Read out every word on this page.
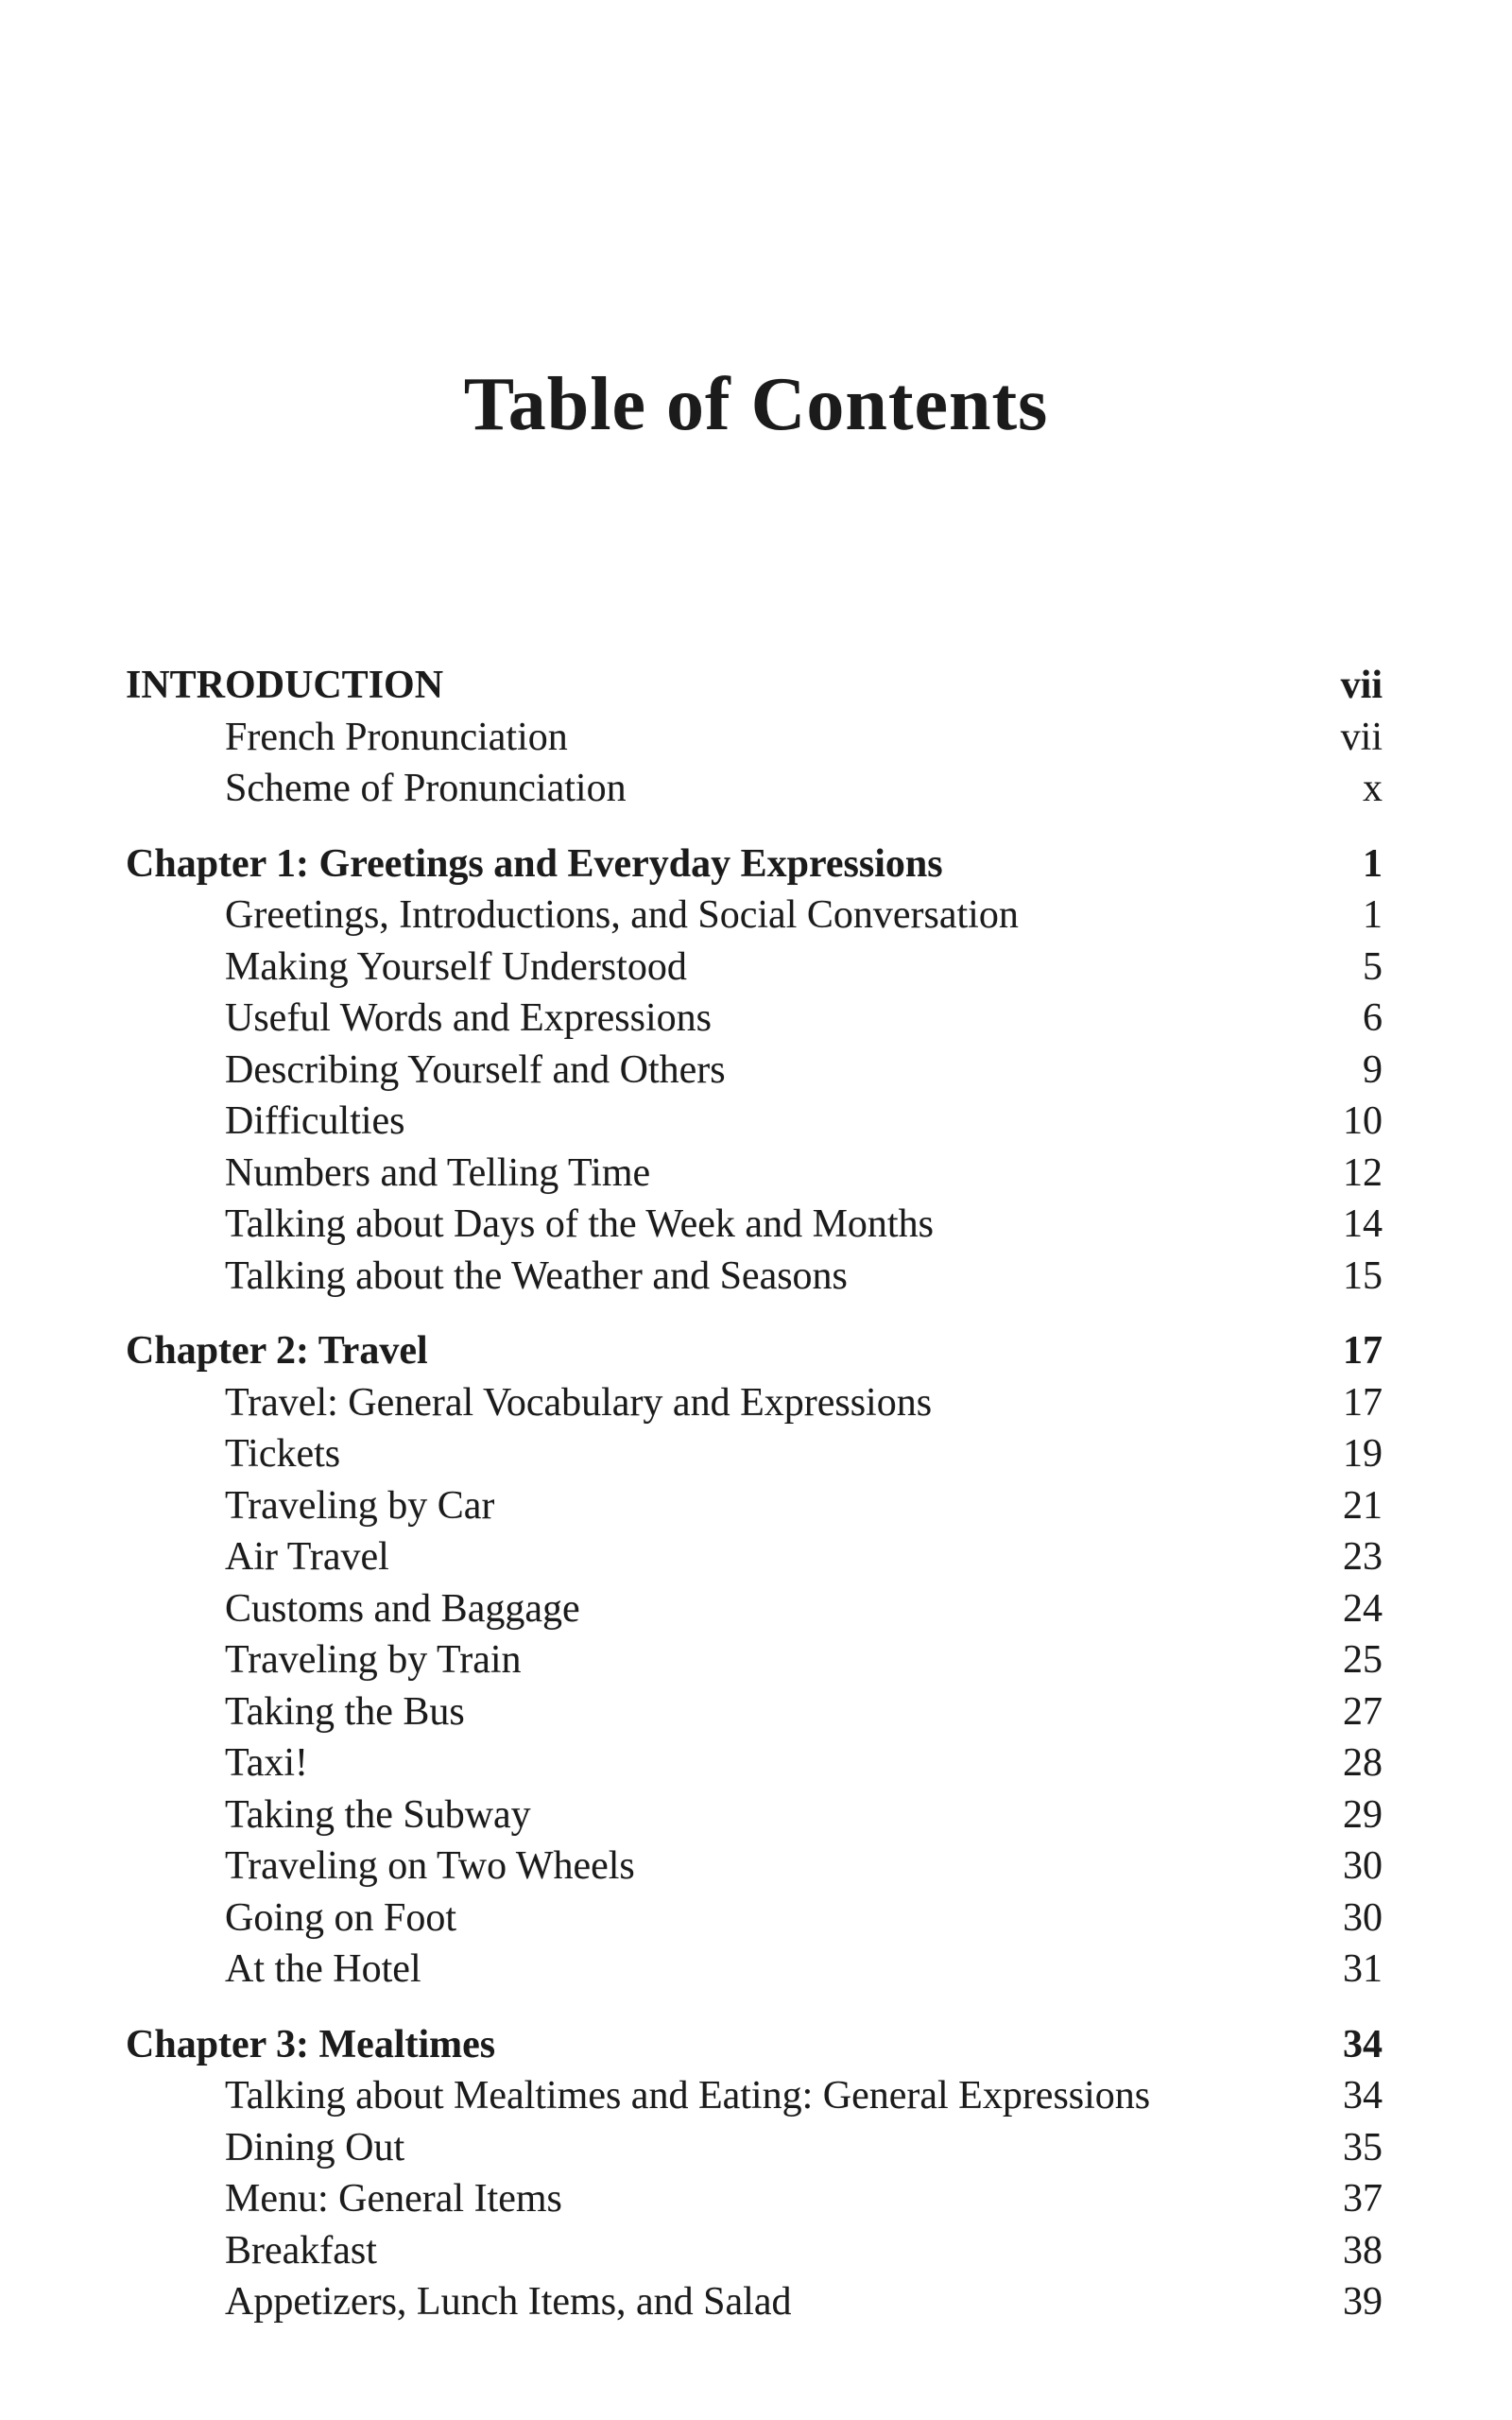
Table of Contents
INTRODUCTION	vii
French Pronunciation	vii
Scheme of Pronunciation	x
Chapter 1: Greetings and Everyday Expressions	1
Greetings, Introductions, and Social Conversation	1
Making Yourself Understood	5
Useful Words and Expressions	6
Describing Yourself and Others	9
Difficulties	10
Numbers and Telling Time	12
Talking about Days of the Week and Months	14
Talking about the Weather and Seasons	15
Chapter 2: Travel	17
Travel: General Vocabulary and Expressions	17
Tickets	19
Traveling by Car	21
Air Travel	23
Customs and Baggage	24
Traveling by Train	25
Taking the Bus	27
Taxi!	28
Taking the Subway	29
Traveling on Two Wheels	30
Going on Foot	30
At the Hotel	31
Chapter 3: Mealtimes	34
Talking about Mealtimes and Eating: General Expressions	34
Dining Out	35
Menu: General Items	37
Breakfast	38
Appetizers, Lunch Items, and Salad	39
